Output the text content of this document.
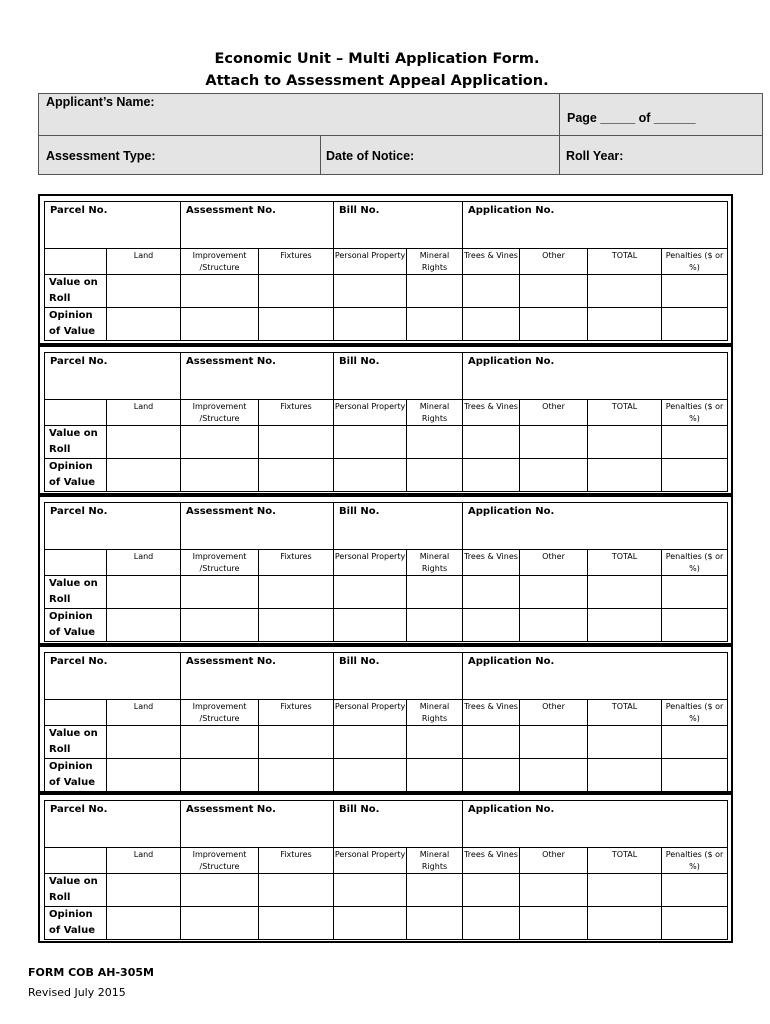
Economic Unit – Multi Application Form.
Attach to Assessment Appeal Application.
Applicant’s Name:
Page _____ of ______
Assessment Type:	Date of Notice:	Roll Year:
Parcel No.		Assessment No.		Bill No.		Application No.			
	Land	Improvement /Structure	Fixtures	Personal Property	Mineral Rights	Trees & Vines	Other	TOTAL	Penalties ($ or %)
Value on Roll									
Opinion of Value									
Parcel No.		Assessment No.		Bill No.		Application No.			
	Land	Improvement /Structure	Fixtures	Personal Property	Mineral Rights	Trees & Vines	Other	TOTAL	Penalties ($ or %)
Value on Roll									
Opinion of Value									
Parcel No.		Assessment No.		Bill No.		Application No.			
	Land	Improvement /Structure	Fixtures	Personal Property	Mineral Rights	Trees & Vines	Other	TOTAL	Penalties ($ or %)
Value on Roll									
Opinion of Value									
Parcel No.		Assessment No.		Bill No.		Application No.			
	Land	Improvement /Structure	Fixtures	Personal Property	Mineral Rights	Trees & Vines	Other	TOTAL	Penalties ($ or %)
Value on Roll									
Opinion of Value									
Parcel No.		Assessment No.		Bill No.		Application No.			
	Land	Improvement /Structure	Fixtures	Personal Property	Mineral Rights	Trees & Vines	Other	TOTAL	Penalties ($ or %)
Value on Roll									
Opinion of Value									
FORM COB AH-305M
Revised July 2015
